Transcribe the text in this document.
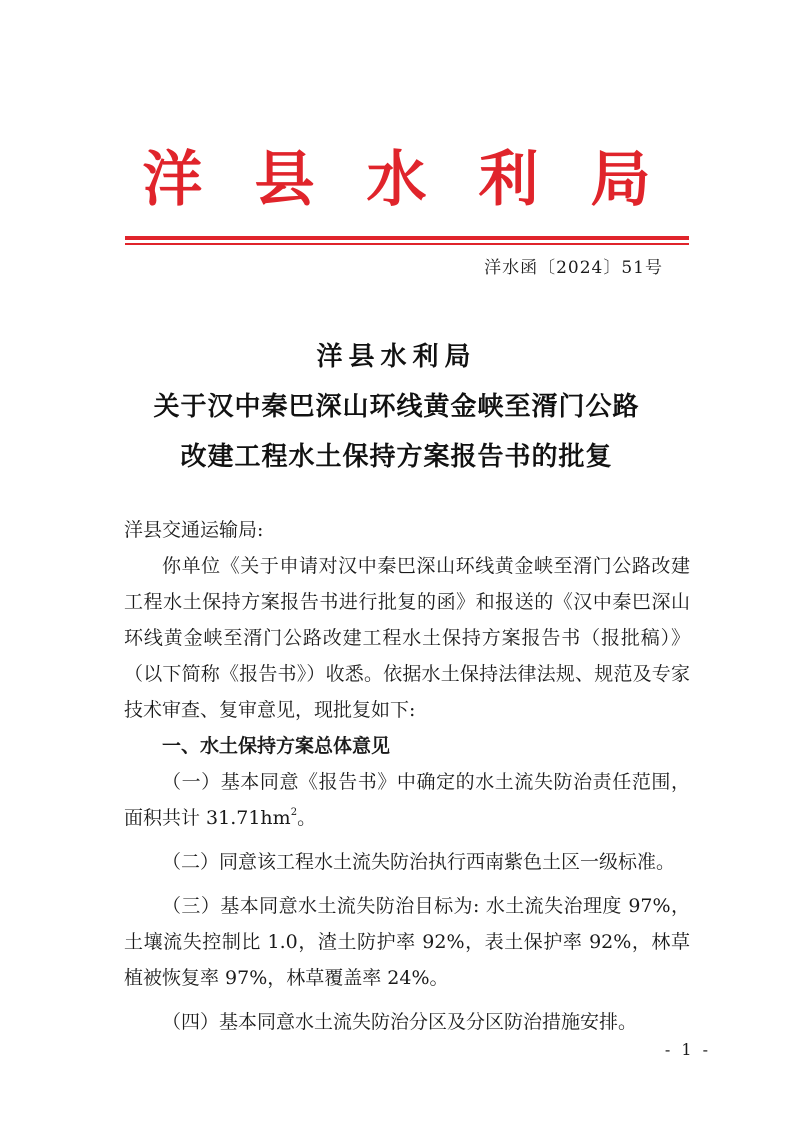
洋县水利局
洋水函〔2024〕51号
洋县水利局
关于汉中秦巴深山环线黄金峡至湑门公路
改建工程水土保持方案报告书的批复

洋县交通运输局:

你单位《关于申请对汉中秦巴深山环线黄金峡至湑门公路改建工程水土保持方案报告书进行批复的函》和报送的《汉中秦巴深山环线黄金峡至湑门公路改建工程水土保持方案报告书（报批稿）》（以下简称《报告书》）收悉。依据水土保持法律法规、规范及专家技术审查、复审意见，现批复如下:

一、水土保持方案总体意见

（一）基本同意《报告书》中确定的水土流失防治责任范围，面积共计 $31.71hm^2$。

（二）同意该工程水土流失防治执行西南紫色土区一级标准。

（三）基本同意水土流失防治目标为: 水土流失治理度 97%，土壤流失控制比 1.0，渣土防护率 92%，表土保护率 92%，林草植被恢复率 97%，林草覆盖率 24%。

（四）基本同意水土流失防治分区及分区防治措施安排。

- 1 -
